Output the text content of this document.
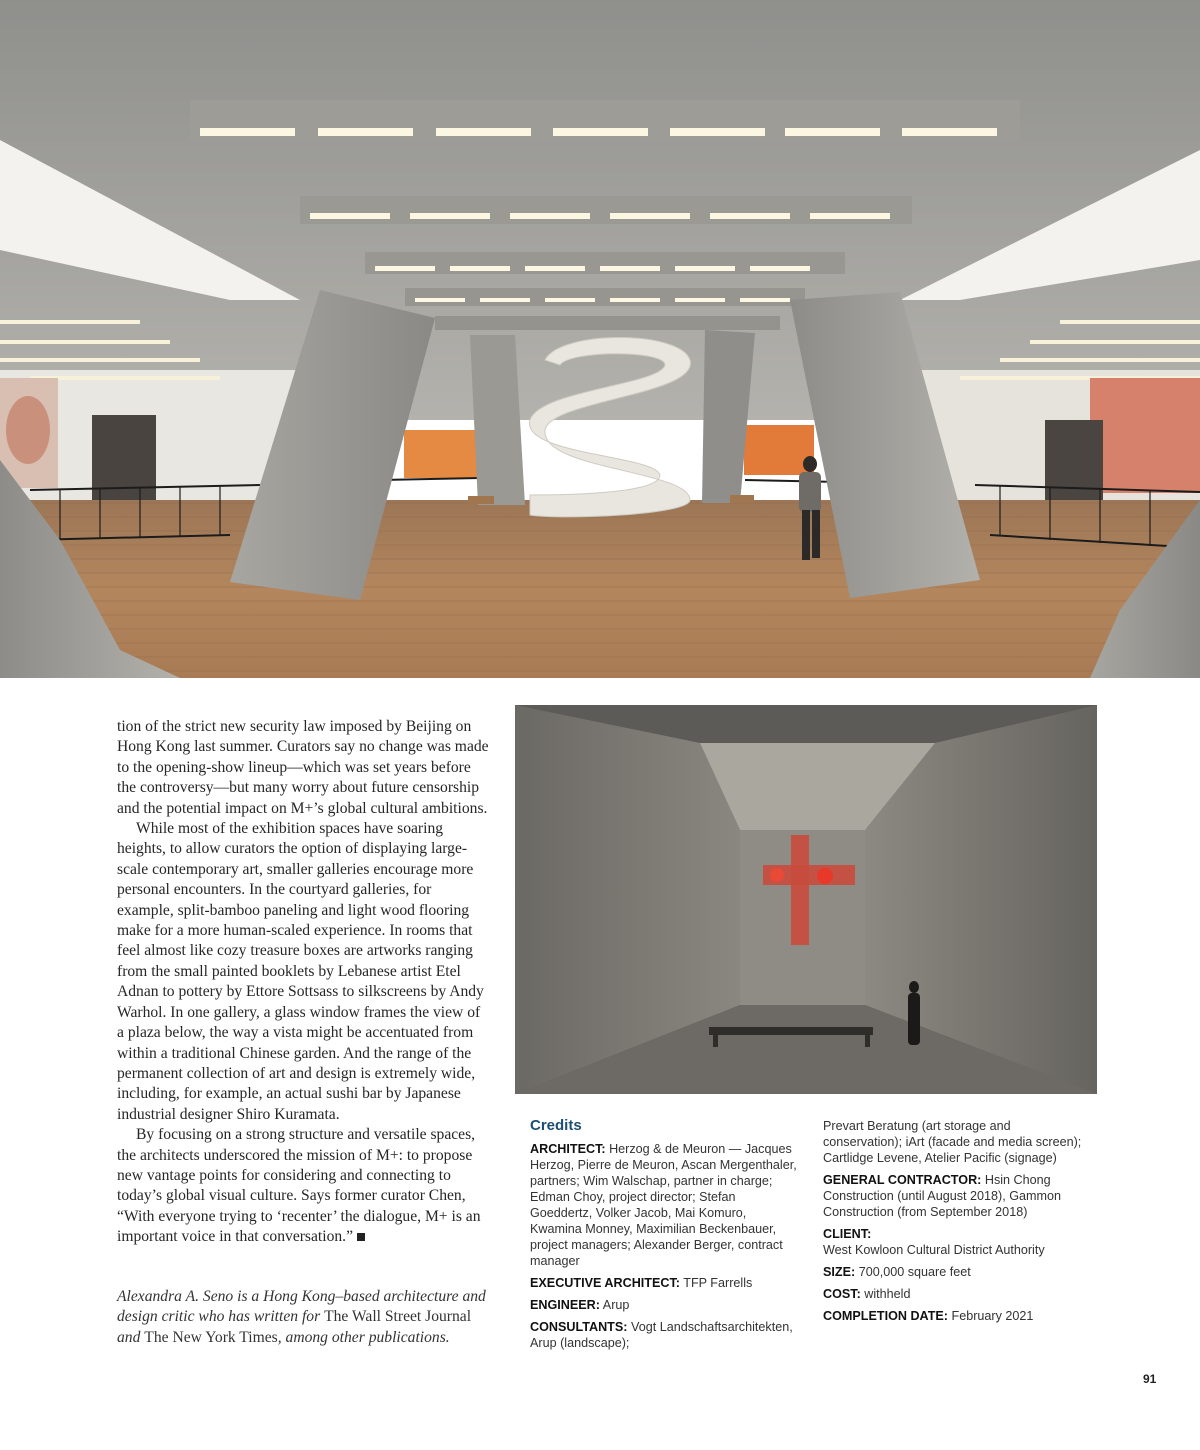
tion of the strict new security law imposed by Beijing on Hong Kong last summer. Curators say no change was made to the opening-show lineup—which was set years before the controversy—but many worry about future censorship and the potential impact on M+’s global cultural ambitions.

While most of the exhibition spaces have soaring heights, to allow curators the option of displaying large-scale contemporary art, smaller galleries encourage more personal encounters. In the courtyard galleries, for example, split-bamboo paneling and light wood flooring make for a more human-scaled experience. In rooms that feel almost like cozy treasure boxes are artworks ranging from the small painted booklets by Lebanese artist Etel Adnan to pottery by Ettore Sottsass to silkscreens by Andy Warhol. In one gallery, a glass window frames the view of a plaza below, the way a vista might be accentuated from within a traditional Chinese garden. And the range of the permanent collection of art and design is extremely wide, including, for example, an actual sushi bar by Japanese industrial designer Shiro Kuramata.

By focusing on a strong structure and versatile spaces, the architects underscored the mission of M+: to propose new vantage points for considering and connecting to today’s global visual culture. Says former curator Chen, “With everyone trying to ‘recenter’ the dialogue, M+ is an important voice in that conversation.”

Alexandra A. Seno is a Hong Kong–based architecture and design critic who has written for The Wall Street Journal and The New York Times, among other publications.
Credits

ARCHITECT: Herzog & de Meuron — Jacques Herzog, Pierre de Meuron, Ascan Mergenthaler, partners; Wim Walschap, partner in charge; Edman Choy, project director; Stefan Goeddertz, Volker Jacob, Mai Komuro, Kwamina Monney, Maximilian Beckenbauer, project managers; Alexander Berger, contract manager

EXECUTIVE ARCHITECT: TFP Farrells

ENGINEER: Arup

CONSULTANTS: Vogt Landschaftsarchitekten, Arup (landscape);

Prevart Beratung (art storage and conservation); iArt (facade and media screen); Cartlidge Levene, Atelier Pacific (signage)

GENERAL CONTRACTOR: Hsin Chong Construction (until August 2018), Gammon Construction (from September 2018)

CLIENT:
West Kowloon Cultural District Authority

SIZE: 700,000 square feet

COST: withheld

COMPLETION DATE: February 2021

91
